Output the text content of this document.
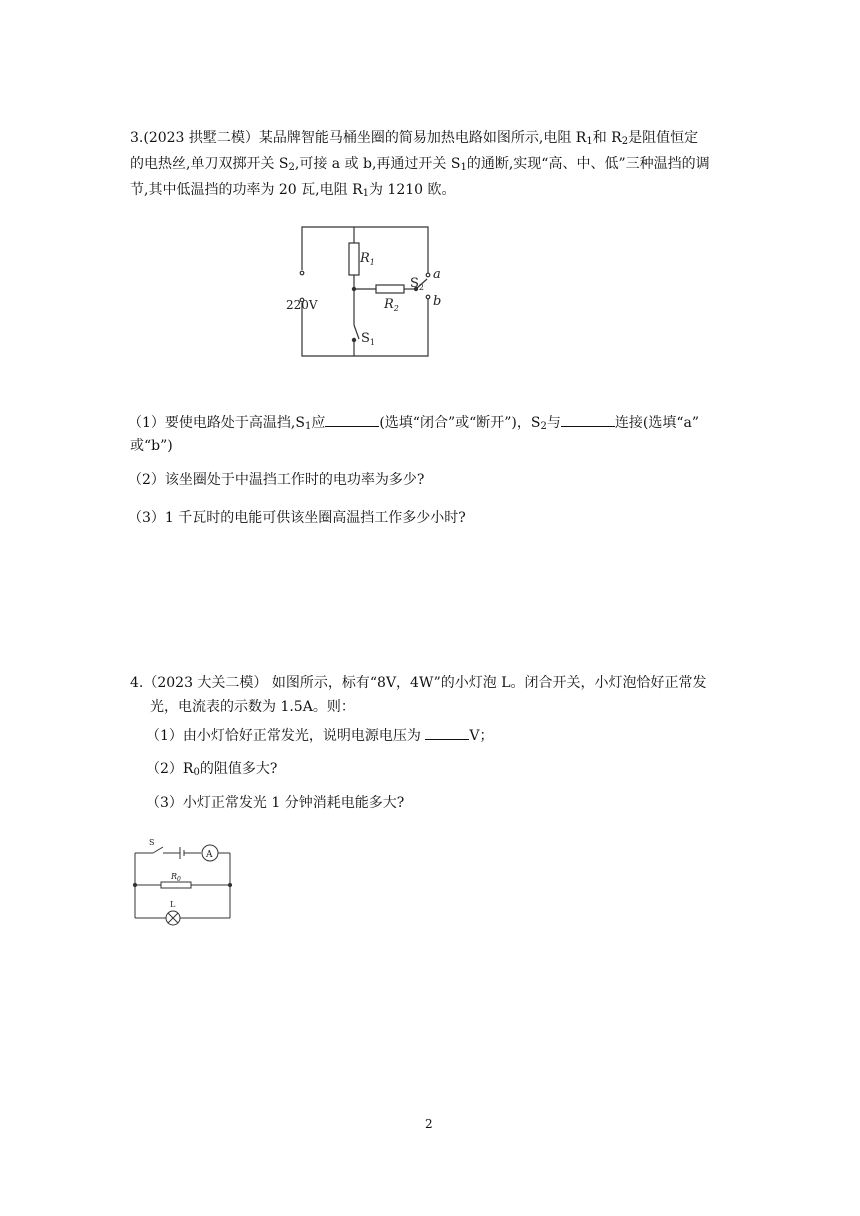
3.(2023 拱墅二模）某品牌智能马桶坐圈的简易加热电路如图所示,电阻 $R_1$和 $R_2$是阻值恒定
的电热丝,单刀双掷开关 $S_2$,可接 a 或 b,再通过开关 $S_1$的通断,实现“高、中、低”三种温挡的调
节,其中低温挡的功率为 20 瓦,电阻 $R_1$为 1210 欧。
$R_1$
$R_2$
$S_2$
a
b
$S_1$
220V
（1）要使电路处于高温挡$,S_1$应	(选填“闭合”或“断开”)，$S_2$与	连接(选填“a”
或“b”)
（2）该坐圈处于中温挡工作时的电功率为多少?
（3）1 千瓦时的电能可供该坐圈高温挡工作多少小时?
4.（2023 大关二模） 如图所示，标有“8V，4W”的小灯泡 L。闭合开关，小灯泡恰好正常发
光，电流表的示数为 1.5A。则：
（1）由小灯恰好正常发光，说明电源电压为	V；
$(2)R_0$的阻值多大?
（3）小灯正常发光 1 分钟消耗电能多大?
S
A
$R_0$
L
2
